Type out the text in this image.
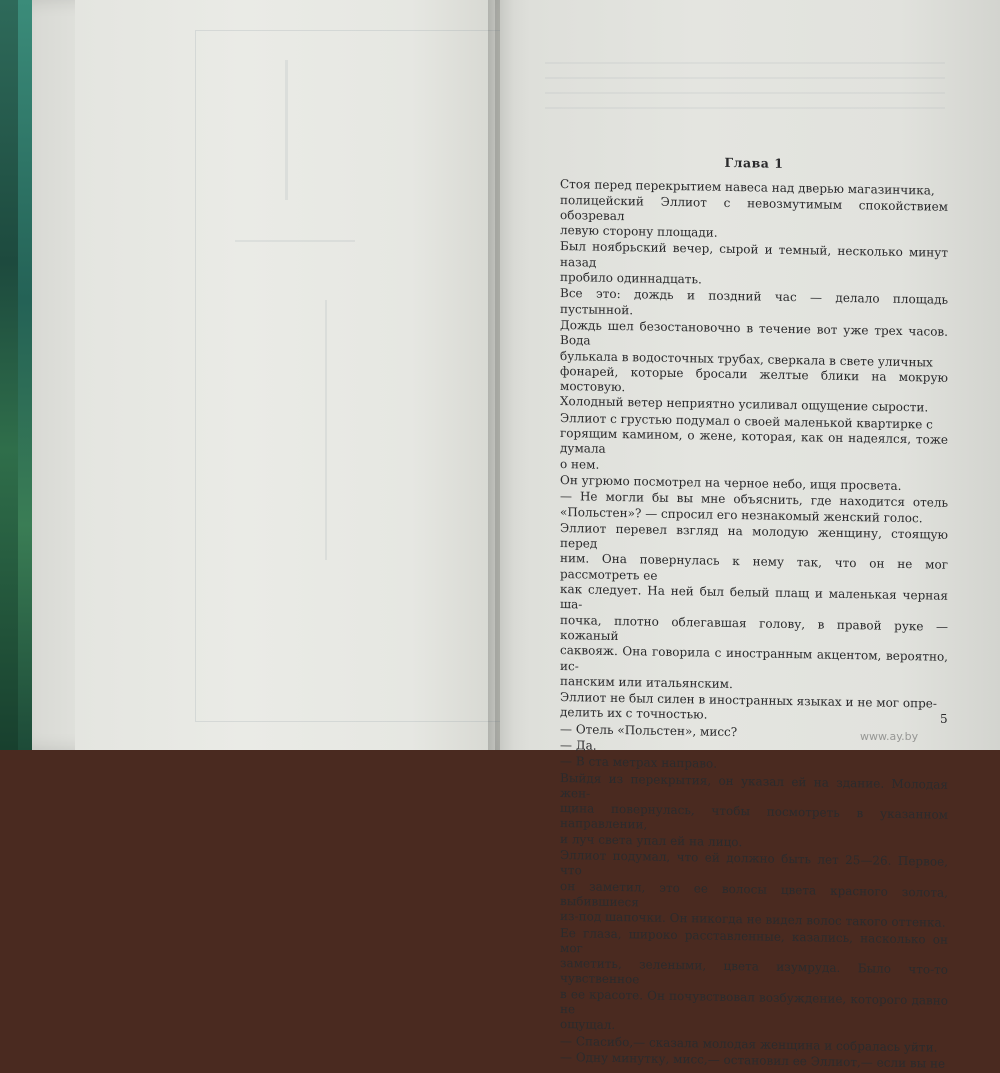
Глава 1

Стоя перед перекрытием навеса над дверью магазинчика,
полицейский Эллиот с невозмутимым спокойствием обозревал
левую сторону площади.

Был ноябрьский вечер, сырой и темный, несколько минут назад
пробило одиннадцать.

Все это: дождь и поздний час — делало площадь пустынной.

Дождь шел безостановочно в течение вот уже трех часов. Вода
булькала в водосточных трубах, сверкала в свете уличных
фонарей, которые бросали желтые блики на мокрую мостовую.
Холодный ветер неприятно усиливал ощущение сырости.

Эллиот с грустью подумал о своей маленькой квартирке с
горящим камином, о жене, которая, как он надеялся, тоже думала
о нем.

Он угрюмо посмотрел на черное небо, ищя просвета.

— Не могли бы вы мне объяснить, где находится отель «Польстен»? — спросил его незнакомый женский голос.

Эллиот перевел взгляд на молодую женщину, стоящую перед
ним. Она повернулась к нему так, что он не мог рассмотреть ее
как следует. На ней был белый плащ и маленькая черная ша-
почка, плотно облегавшая голову, в правой руке — кожаный
саквояж. Она говорила с иностранным акцентом, вероятно, ис-
панским или итальянским.

Эллиот не был силен в иностранных языках и не мог опре-
делить их с точностью.

— Отель «Польстен», мисс?

— Да.

— В ста метрах направо.

Выйдя из перекрытия, он указал ей на здание. Молодая жен-
щина повернулась, чтобы посмотреть в указанном направлении,
и луч света упал ей на лицо.

Эллиот подумал, что ей должно быть лет 25—26. Первое, что
он заметил, это ее волосы цвета красного золота, выбившиеся
из-под шапочки. Он никогда не видел волос такого оттенка.

Ее глаза, широко расставленные, казались, насколько он мог
заметить, зелеными, цвета изумруда. Было что-то чувственное
в ее красоте. Он почувствовал возбуждение, которого давно не
ощущал.

— Спасибо,— сказала молодая женщина и собралась уйти.

— Одну минутку, мисс,— остановил ее Эллиот,— если вы не

5
www.ay.by
